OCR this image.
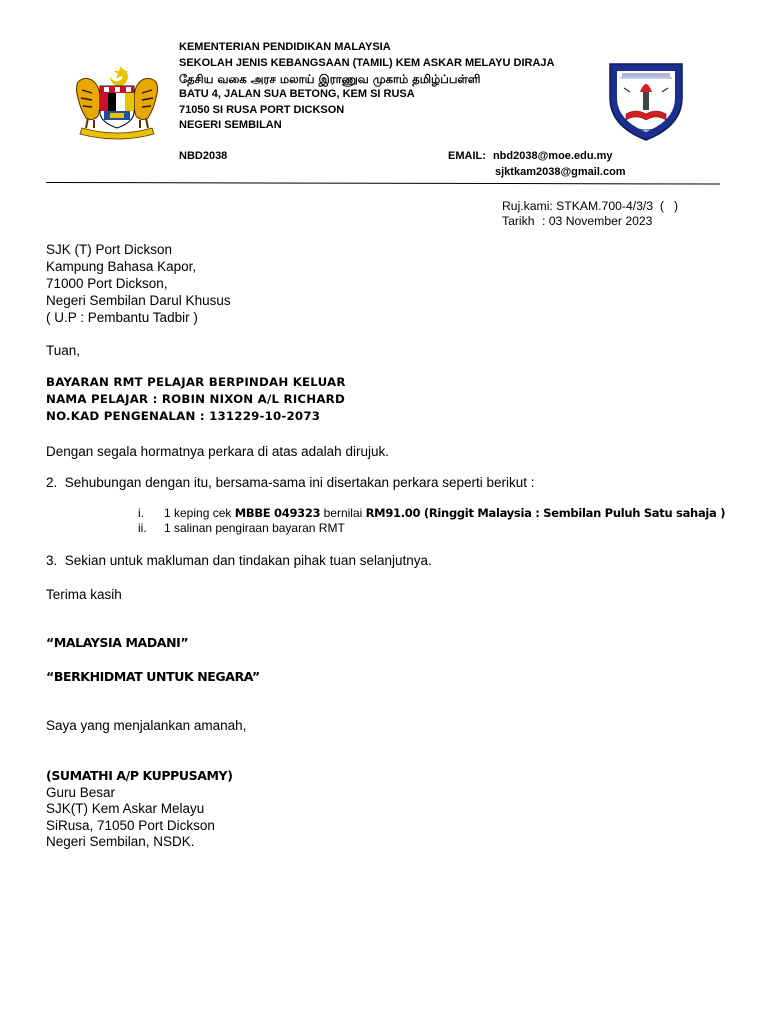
KEMENTERIAN PENDIDIKAN MALAYSIA
SEKOLAH JENIS KEBANGSAAN (TAMIL) KEM ASKAR MELAYU DIRAJA
தேசிய வகை அரச மலாய் இராணுவ முகாம் தமிழ்ப்பள்ளி
BATU 4, JALAN SUA BETONG, KEM SI RUSA
71050 SI RUSA PORT DICKSON
NEGERI SEMBILAN
NBD2038	EMAIL: nbd2038@moe.edu.my
sjktkam2038@gmail.com
Ruj.kami: STKAM.700-4/3/3  (   )
Tarikh : 03 November 2023
SJK (T) Port Dickson
Kampung Bahasa Kapor,
71000 Port Dickson,
Negeri Sembilan Darul Khusus
( U.P : Pembantu Tadbir )
Tuan,
BAYARAN RMT PELAJAR BERPINDAH KELUAR
NAMA PELAJAR : ROBIN NIXON A/L RICHARD
NO.KAD PENGENALAN : 131229-10-2073
Dengan segala hormatnya perkara di atas adalah dirujuk.
2.  Sehubungan dengan itu, bersama-sama ini disertakan perkara seperti berikut :
i. 1 keping cek MBBE 049323 bernilai RM91.00 (Ringgit Malaysia : Sembilan Puluh Satu sahaja )
ii. 1 salinan pengiraan bayaran RMT
3.  Sekian untuk makluman dan tindakan pihak tuan selanjutnya.
Terima kasih
“MALAYSIA MADANI”
“BERKHIDMAT UNTUK NEGARA”
Saya yang menjalankan amanah,
(SUMATHI A/P KUPPUSAMY)
Guru Besar
SJK(T) Kem Askar Melayu
SiRusa, 71050 Port Dickson
Negeri Sembilan, NSDK.
